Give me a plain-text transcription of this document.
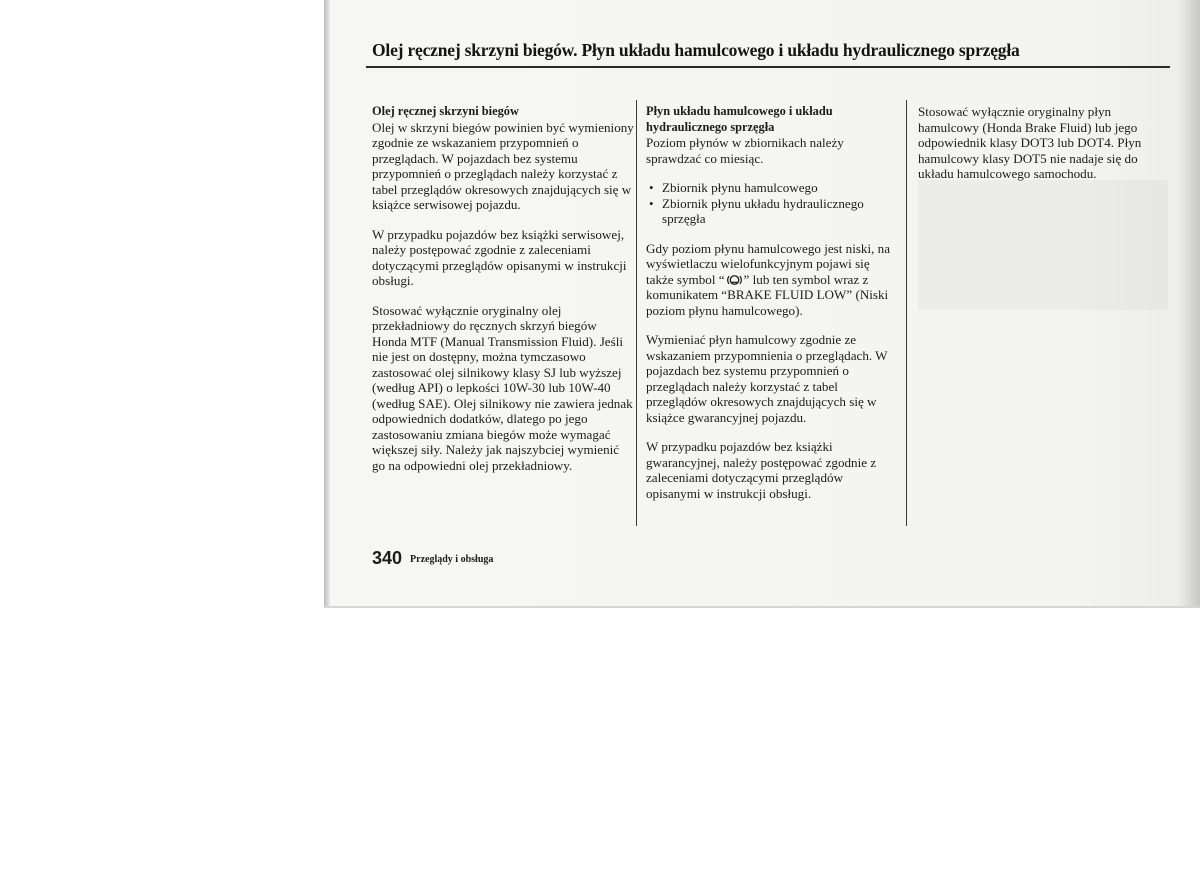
Olej ręcznej skrzyni biegów. Płyn układu hamulcowego i układu hydraulicznego sprzęgła
Olej ręcznej skrzyni biegów

Olej w skrzyni biegów powinien być wymieniony zgodnie ze wskazaniem przypomnień o przeglądach. W pojazdach bez systemu przypomnień o przeglądach należy korzystać z tabel przeglądów okresowych znajdujących się w książce serwisowej pojazdu.

W przypadku pojazdów bez książki serwisowej, należy postępować zgodnie z zaleceniami dotyczącymi przeglądów opisanymi w instrukcji obsługi.

Stosować wyłącznie oryginalny olej przekładniowy do ręcznych skrzyń biegów Honda MTF (Manual Transmission Fluid). Jeśli nie jest on dostępny, można tymczasowo zastosować olej silnikowy klasy SJ lub wyższej (według API) o lepkości 10W-30 lub 10W-40 (według SAE). Olej silnikowy nie zawiera jednak odpowiednich dodatków, dlatego po jego zastosowaniu zmiana biegów może wymagać większej siły. Należy jak najszybciej wymienić go na odpowiedni olej przekładniowy.

Płyn układu hamulcowego i układu hydraulicznego sprzęgła

Poziom płynów w zbiornikach należy sprawdzać co miesiąc.

• Zbiornik płynu hamulcowego
• Zbiornik płynu układu hydraulicznego sprzęgła

Gdy poziom płynu hamulcowego jest niski, na wyświetlaczu wielofunkcyjnym pojawi się także symbol “ ” lub ten symbol wraz z komunikatem “BRAKE FLUID LOW” (Niski poziom płynu hamulcowego).

Wymieniać płyn hamulcowy zgodnie ze wskazaniem przypomnienia o przeglądach. W pojazdach bez systemu przypomnień o przeglądach należy korzystać z tabel przeglądów okresowych znajdujących się w książce gwarancyjnej pojazdu.

W przypadku pojazdów bez książki gwarancyjnej, należy postępować zgodnie z zaleceniami dotyczącymi przeglądów opisanymi w instrukcji obsługi.

Stosować wyłącznie oryginalny płyn hamulcowy (Honda Brake Fluid) lub jego odpowiednik klasy DOT3 lub DOT4. Płyn hamulcowy klasy DOT5 nie nadaje się do układu hamulcowego samochodu.

340 Przeglądy i obsługa
